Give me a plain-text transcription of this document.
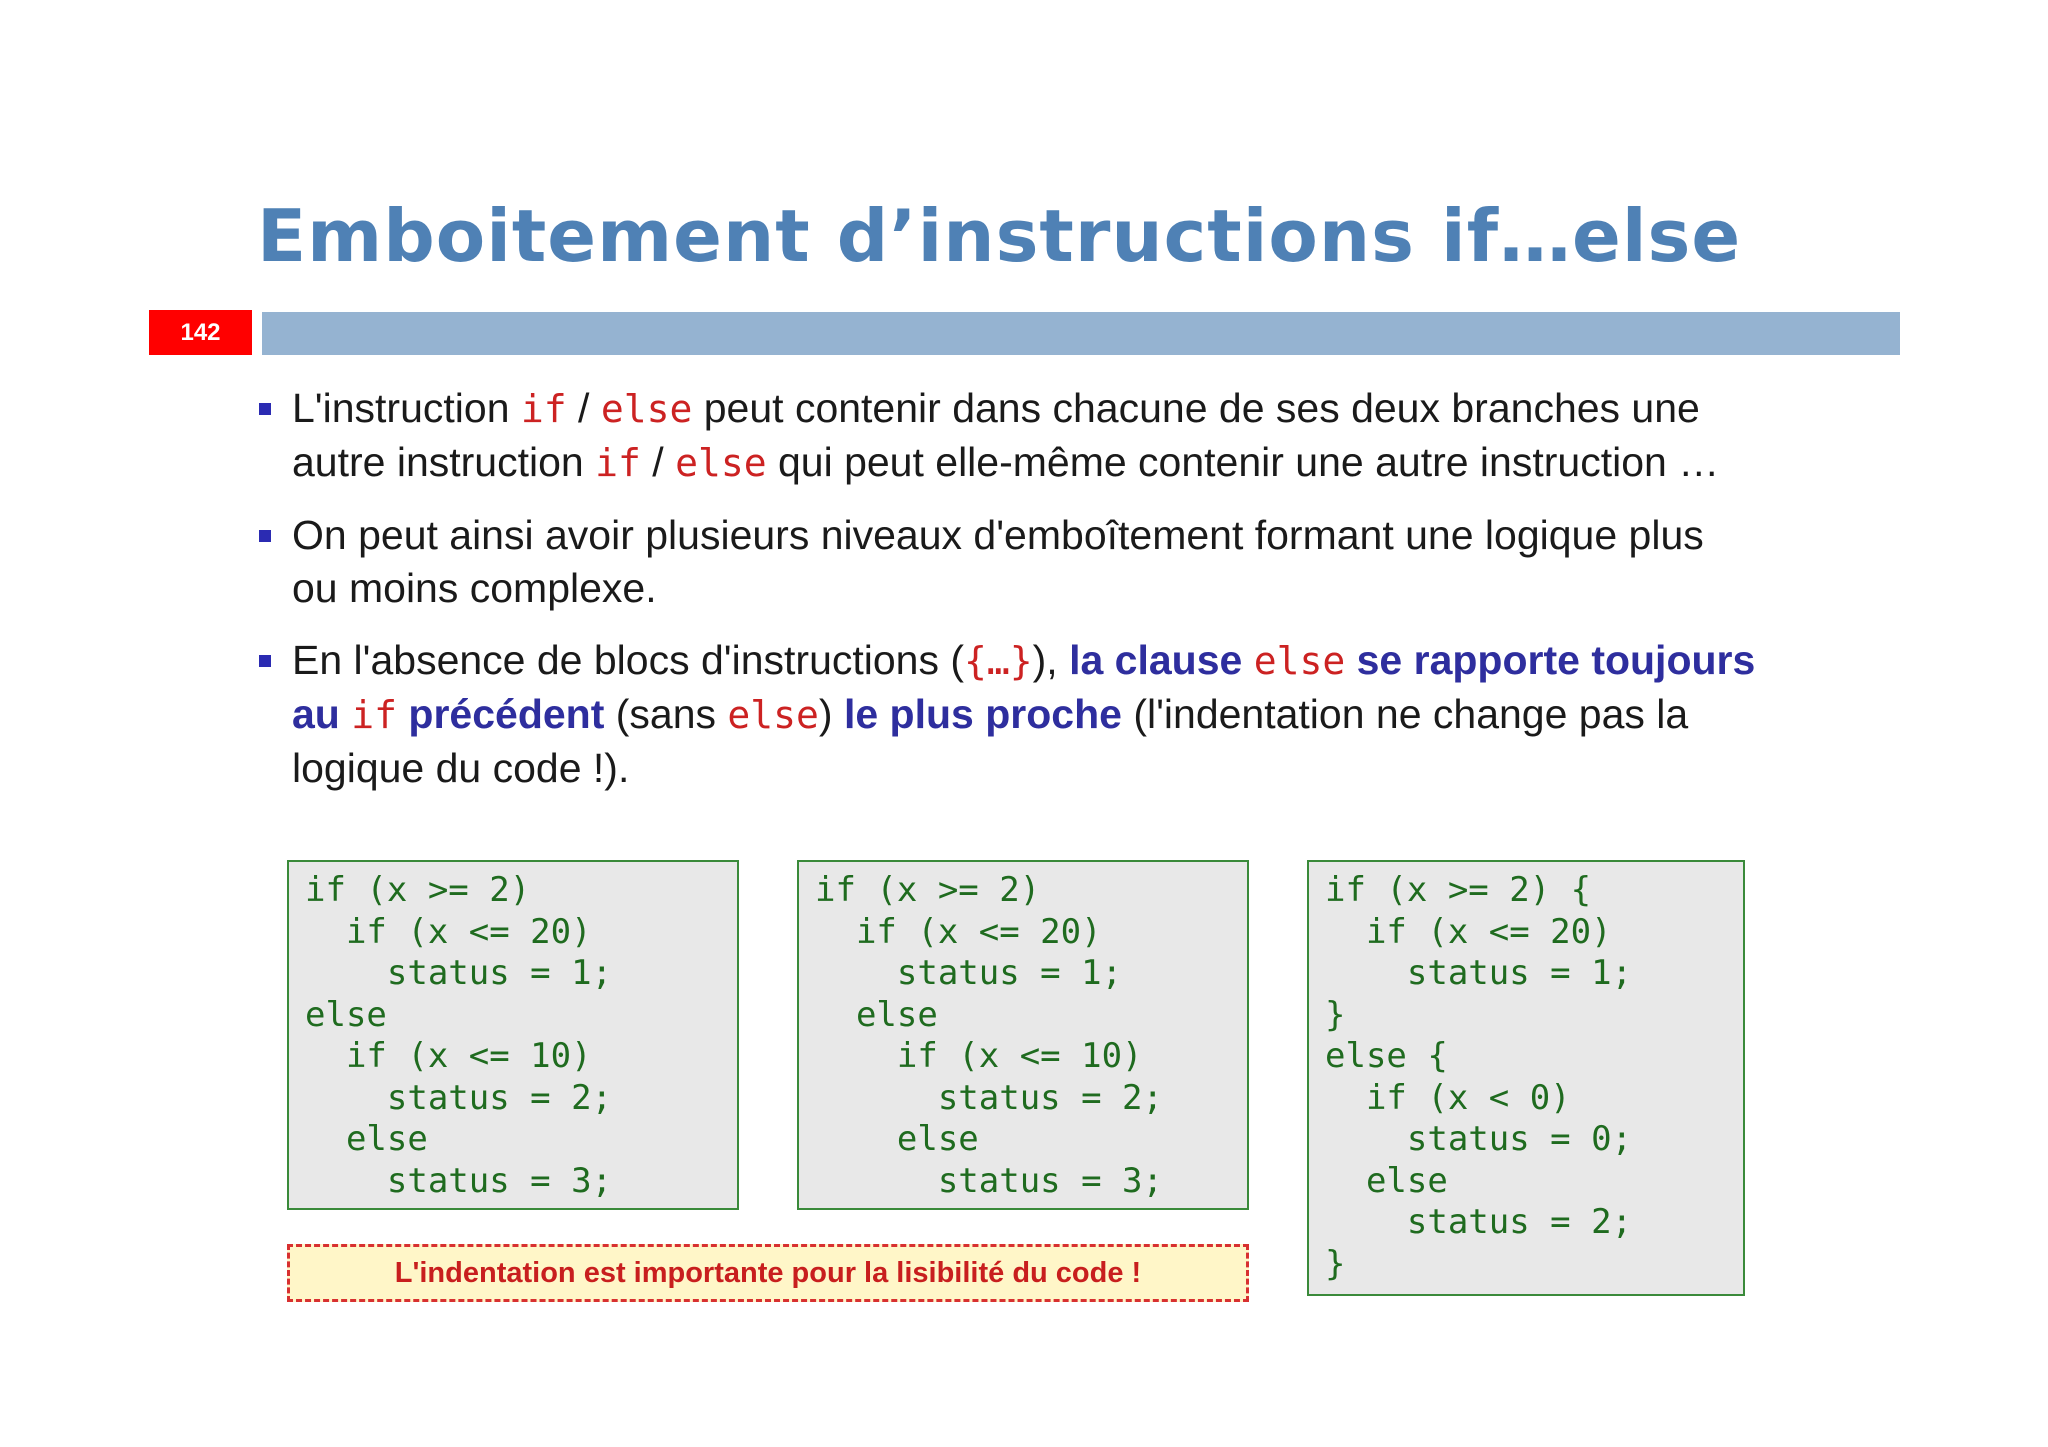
Emboitement d’instructions if…else
142
L'instruction if / else peut contenir dans chacune de ses deux branches une autre instruction if / else qui peut elle-même contenir une autre instruction …
On peut ainsi avoir plusieurs niveaux d'emboîtement formant une logique plus ou moins complexe.
En l'absence de blocs d'instructions ({…}), la clause else se rapporte toujours au if précédent (sans else) le plus proche (l'indentation ne change pas la logique du code !).
if (x >= 2)
if (x <= 20)
status = 1;
else
if (x <= 10)
status = 2;
else
status = 3;
if (x >= 2)
if (x <= 20)
status = 1;
else
if (x <= 10)
status = 2;
else
status = 3;
if (x >= 2) {
if (x <= 20)
status = 1;
}
else {
if (x < 0)
status = 0;
else
status = 2;
}
L'indentation est importante pour la lisibilité du code !
